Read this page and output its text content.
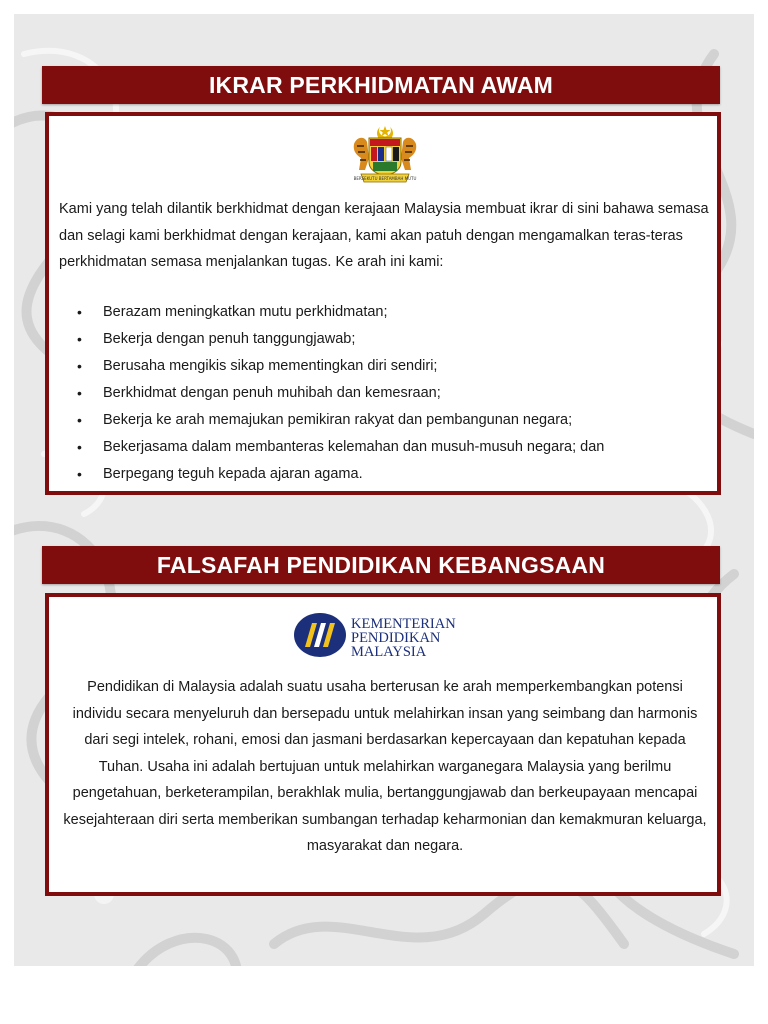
IKRAR PERKHIDMATAN AWAM
BERSEKUTU BERTAMBAH MUTU
Kami yang telah dilantik berkhidmat dengan kerajaan Malaysia membuat ikrar di sini bahawa semasa dan selagi kami berkhidmat dengan kerajaan, kami akan patuh dengan mengamalkan teras-teras perkhidmatan semasa menjalankan tugas. Ke arah ini kami:
• Berazam meningkatkan mutu perkhidmatan;
• Bekerja dengan penuh tanggungjawab;
• Berusaha mengikis sikap mementingkan diri sendiri;
• Berkhidmat dengan penuh muhibah dan kemesraan;
• Bekerja ke arah memajukan pemikiran rakyat dan pembangunan negara;
• Bekerjasama dalam membanteras kelemahan dan musuh-musuh negara; dan
• Berpegang teguh kepada ajaran agama.
FALSAFAH PENDIDIKAN KEBANGSAAN
KEMENTERIAN
PENDIDIKAN
MALAYSIA
Pendidikan di Malaysia adalah suatu usaha berterusan ke arah memperkembangkan potensi individu secara menyeluruh dan bersepadu untuk melahirkan insan yang seimbang dan harmonis dari segi intelek, rohani, emosi dan jasmani berdasarkan kepercayaan dan kepatuhan kepada Tuhan. Usaha ini adalah bertujuan untuk melahirkan warganegara Malaysia yang berilmu pengetahuan, berketerampilan, berakhlak mulia, bertanggungjawab dan berkeupayaan mencapai kesejahteraan diri serta memberikan sumbangan terhadap keharmonian dan kemakmuran keluarga, masyarakat dan negara.
